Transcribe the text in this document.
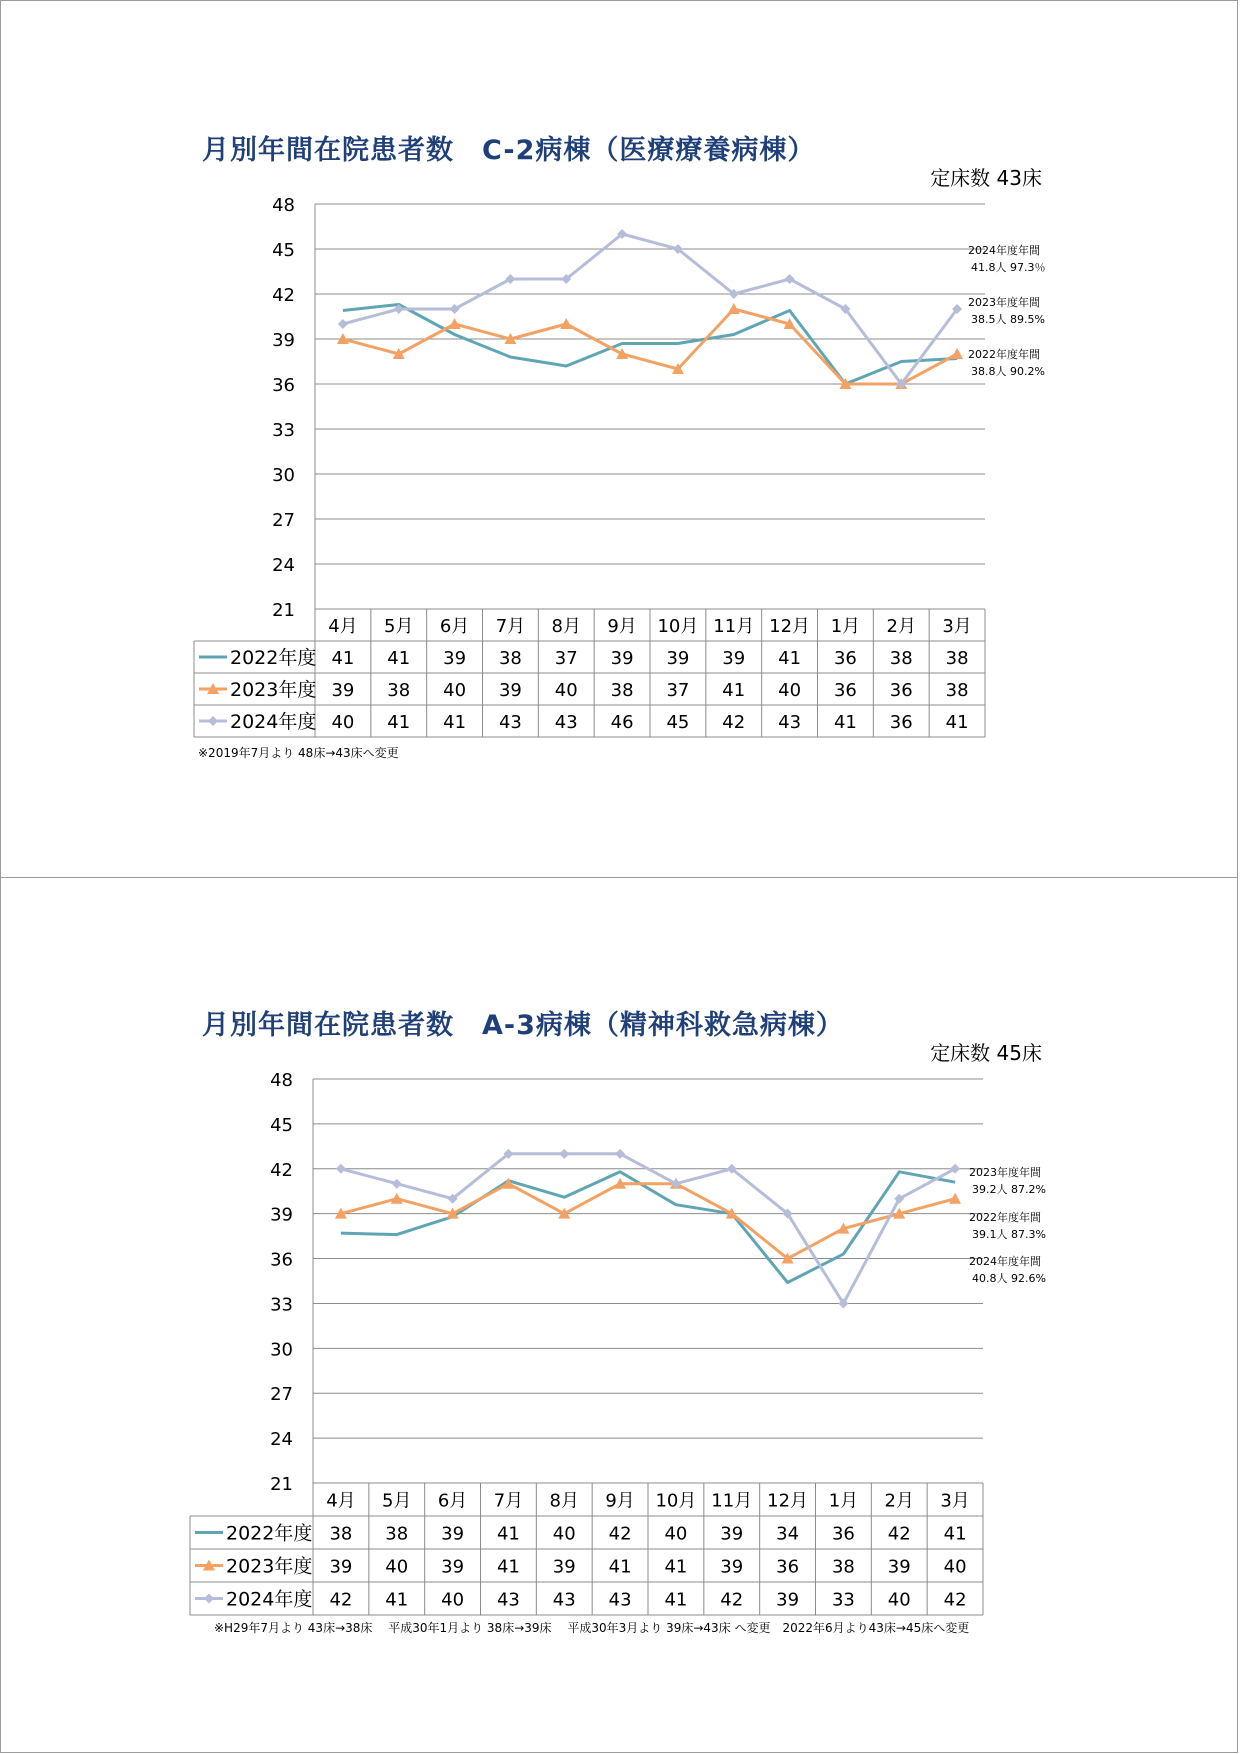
月別年間在院患者数　C-2病棟（医療療養病棟）
定床数 43床
※2019年7月より 48床→43床へ変更
月別年間在院患者数　A-3病棟（精神科救急病棟）
定床数 45床
※H29年7月より 43床→38床　 平成30年1月より 38床→39床　 平成30年3月より 39床→43床 へ変更　2022年6月より43床→45床へ変更
21
24
27
30
33
36
39
42
45
48
4月 5月 6月 7月 8月 9月 10月 11月 12月 1月 2月 3月
2022年度 41 41 39 38 37 39 39 39 41 36 38 38
2023年度 39 38 40 39 40 38 37 41 40 36 36 38
2024年度 40 41 41 43 43 46 45 42 43 41 36 41
2024年度年間
41.8人 97.3％
2023年度年間
38.5人 89.5%
2022年度年間
38.8人 90.2%
21
24
27
30
33
36
39
42
45
48
4月 5月 6月 7月 8月 9月 10月 11月 12月 1月 2月 3月
2022年度 38 38 39 41 40 42 40 39 34 36 42 41
2023年度 39 40 39 41 39 41 41 39 36 38 39 40
2024年度 42 41 40 43 43 43 41 42 39 33 40 42
2023年度年間
39.2人 87.2%
2022年度年間
39.1人 87.3%
2024年度年間
40.8人 92.6%
